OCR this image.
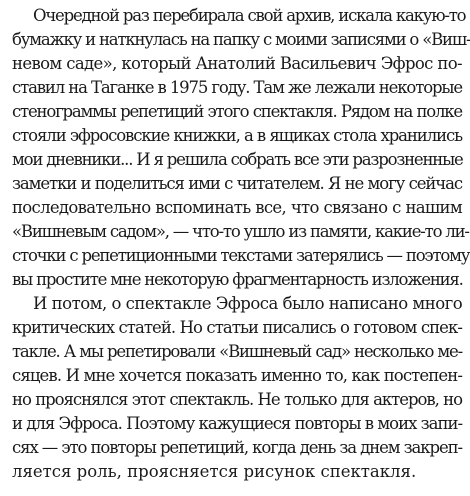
Очередной раз перебирала свой архив, искала какую-то
бумажку и наткнулась на папку с моими записями о «Виш-
невом саде», который Анатолий Васильевич Эфрос по-
ставил на Таганке в 1975 году. Там же лежали некоторые
стенограммы репетиций этого спектакля. Рядом на полке
стояли эфросовские книжки, а в ящиках стола хранились
мои дневники... И я решила собрать все эти разрозненные
заметки и поделиться ими с читателем. Я не могу сейчас
последовательно вспоминать все, что связано с нашим
«Вишневым садом», — что-то ушло из памяти, какие-то ли-
сточки с репетиционными текстами затерялись — поэтому
вы простите мне некоторую фрагментарность изложения.
И потом, о спектакле Эфроса было написано много
критических статей. Но статьи писались о готовом спек-
такле. А мы репетировали «Вишневый сад» несколько ме-
сяцев. И мне хочется показать именно то, как постепен-
но прояснялся этот спектакль. Не только для актеров, но
и для Эфроса. Поэтому кажущиеся повторы в моих запи-
сях — это повторы репетиций, когда день за днем закреп-
ляется роль, проясняется рисунок спектакля.
